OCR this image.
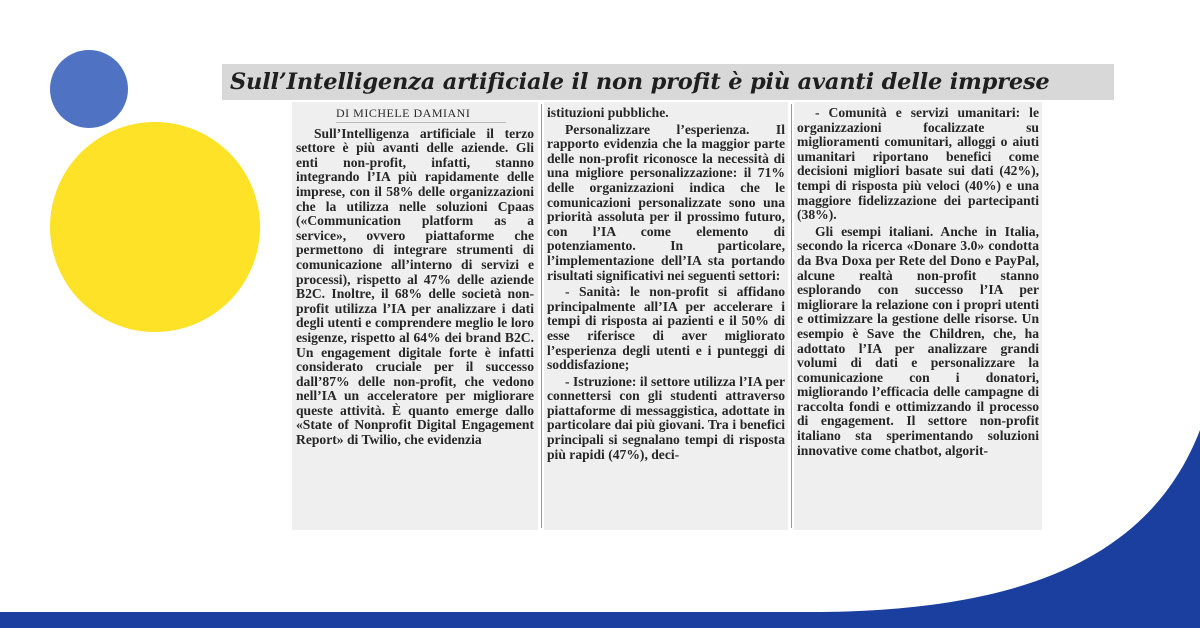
Sull’Intelligenza artificiale il non profit è più avanti delle imprese
DI MICHELE DAMIANI

Sull’Intelligenza artificiale il terzo settore è più avanti delle aziende. Gli enti non-profit, infatti, stanno integrando l’IA più rapidamente delle imprese, con il 58% delle organizzazioni che la utilizza nelle soluzioni Cpaas («Communication platform as a service», ovvero piattaforme che permettono di integrare strumenti di comunicazione all’interno di servizi e processi), rispetto al 47% delle aziende B2C. Inoltre, il 68% delle società non-profit utilizza l’IA per analizzare i dati degli utenti e comprendere meglio le loro esigenze, rispetto al 64% dei brand B2C. Un engagement digitale forte è infatti considerato cruciale per il successo dall’87% delle non-profit, che vedono nell’IA un acceleratore per migliorare queste attività. È quanto emerge dallo «State of Nonprofit Digital Engagement Report» di Twilio, che evidenzia

istituzioni pubbliche.

Personalizzare l’esperienza. Il rapporto evidenzia che la maggior parte delle non-profit riconosce la necessità di una migliore personalizzazione: il 71% delle organizzazioni indica che le comunicazioni personalizzate sono una priorità assoluta per il prossimo futuro, con l’IA come elemento di potenziamento. In particolare, l’implementazione dell’IA sta portando risultati significativi nei seguenti settori:

- Sanità: le non-profit si affidano principalmente all’IA per accelerare i tempi di risposta ai pazienti e il 50% di esse riferisce di aver migliorato l’esperienza degli utenti e i punteggi di soddisfazione;

- Istruzione: il settore utilizza l’IA per connettersi con gli studenti attraverso piattaforme di messaggistica, adottate in particolare dai più giovani. Tra i benefici principali si segnalano tempi di risposta più rapidi (47%), deci-

- Comunità e servizi umanitari: le organizzazioni focalizzate su miglioramenti comunitari, alloggi o aiuti umanitari riportano benefici come decisioni migliori basate sui dati (42%), tempi di risposta più veloci (40%) e una maggiore fidelizzazione dei partecipanti (38%).

Gli esempi italiani. Anche in Italia, secondo la ricerca «Donare 3.0» condotta da Bva Doxa per Rete del Dono e PayPal, alcune realtà non-profit stanno esplorando con successo l’IA per migliorare la relazione con i propri utenti e ottimizzare la gestione delle risorse. Un esempio è Save the Children, che, ha adottato l’IA per analizzare grandi volumi di dati e personalizzare la comunicazione con i donatori, migliorando l’efficacia delle campagne di raccolta fondi e ottimizzando il processo di engagement. Il settore non-profit italiano sta sperimentando soluzioni innovative come chatbot, algorit-
